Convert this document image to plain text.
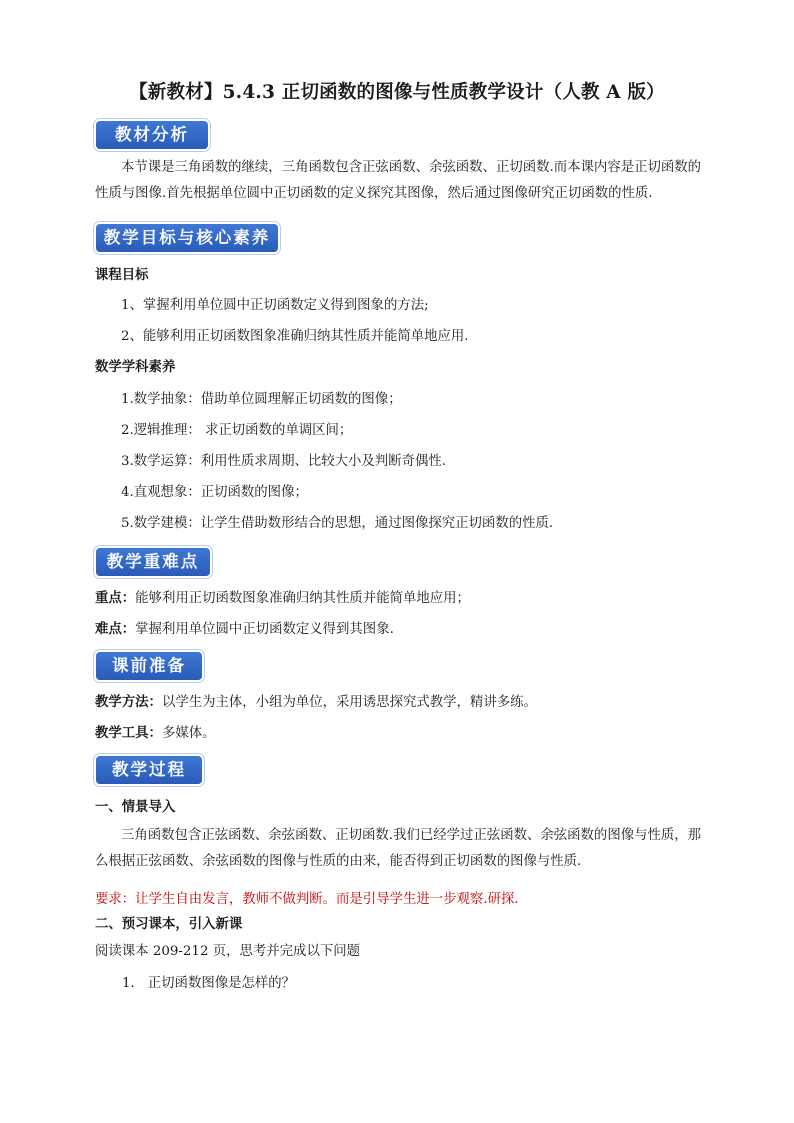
【新教材】5.4.3 正切函数的图像与性质教学设计（人教 A 版）
教材分析
本节课是三角函数的继续，三角函数包含正弦函数、余弦函数、正切函数.而本课内容是正切函数的性质与图像.首先根据单位圆中正切函数的定义探究其图像，然后通过图像研究正切函数的性质.
教学目标与核心素养
课程目标
1、掌握利用单位圆中正切函数定义得到图象的方法;
2、能够利用正切函数图象准确归纳其性质并能简单地应用.
数学学科素养
1.数学抽象：借助单位圆理解正切函数的图像；
2.逻辑推理： 求正切函数的单调区间；
3.数学运算：利用性质求周期、比较大小及判断奇偶性.
4.直观想象：正切函数的图像；
5.数学建模：让学生借助数形结合的思想，通过图像探究正切函数的性质.
教学重难点
重点：能够利用正切函数图象准确归纳其性质并能简单地应用；
难点：掌握利用单位圆中正切函数定义得到其图象.
课前准备
教学方法：以学生为主体，小组为单位，采用诱思探究式教学，精讲多练。
教学工具：多媒体。
教学过程
一、情景导入
三角函数包含正弦函数、余弦函数、正切函数.我们已经学过正弦函数、余弦函数的图像与性质，那么根据正弦函数、余弦函数的图像与性质的由来，能否得到正切函数的图像与性质.
要求：让学生自由发言，教师不做判断。而是引导学生进一步观察.研探.
二、预习课本，引入新课
阅读课本 209-212 页，思考并完成以下问题
1. 正切函数图像是怎样的？
